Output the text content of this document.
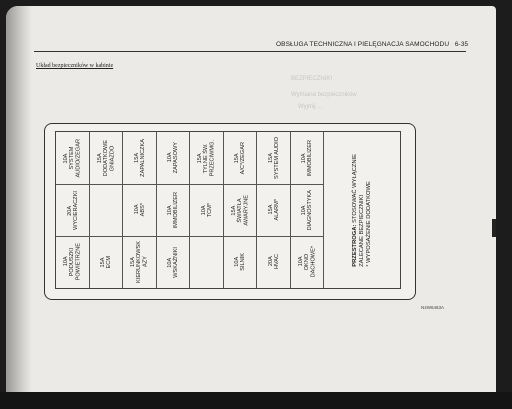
OBSŁUGA TECHNICZNA I PIELĘGNACJA SAMOCHODU 6-35
Układ bezpieczników w kabinie
BEZPIECZNIKI
Wymiana bezpieczników
Wyjmij ...
10A
PODUSZKI
POWIETRZNE
20A
WYCIERACZKI
10A
SYSTEM
AUDIO/ZEGAR
15A
ECM
15A
DODATKOWE
GNIAZDO
15A
KIERUNKOWSK
AZY
10A
ABS*
15A
ZAPALNICZKA
10A
WSKAŹNIKI
10A
IMMOBILIZER
10A
ZAPASOWY
10A
TCM*
15A
TYLNE ŚW.
PRZECIWMG.
10A
SILNIK
15A
ŚWIATŁA
AWARYJNE
15A
A/C*/ZEGAR
20A
HVAC
15A
ALARM*
15A
SYSTEM AUDIO
10A
OKNO
DACHOWE*
10A
DIAGNOSTYKA
10A
IMMOBILIZER
PRZESTROGA: STOSOWAĆ WYŁĄCZNIE
ZALECANE BEZPIECZNIKI
* WYPOSAŻENIE DODATKOWE
N4W6463A
